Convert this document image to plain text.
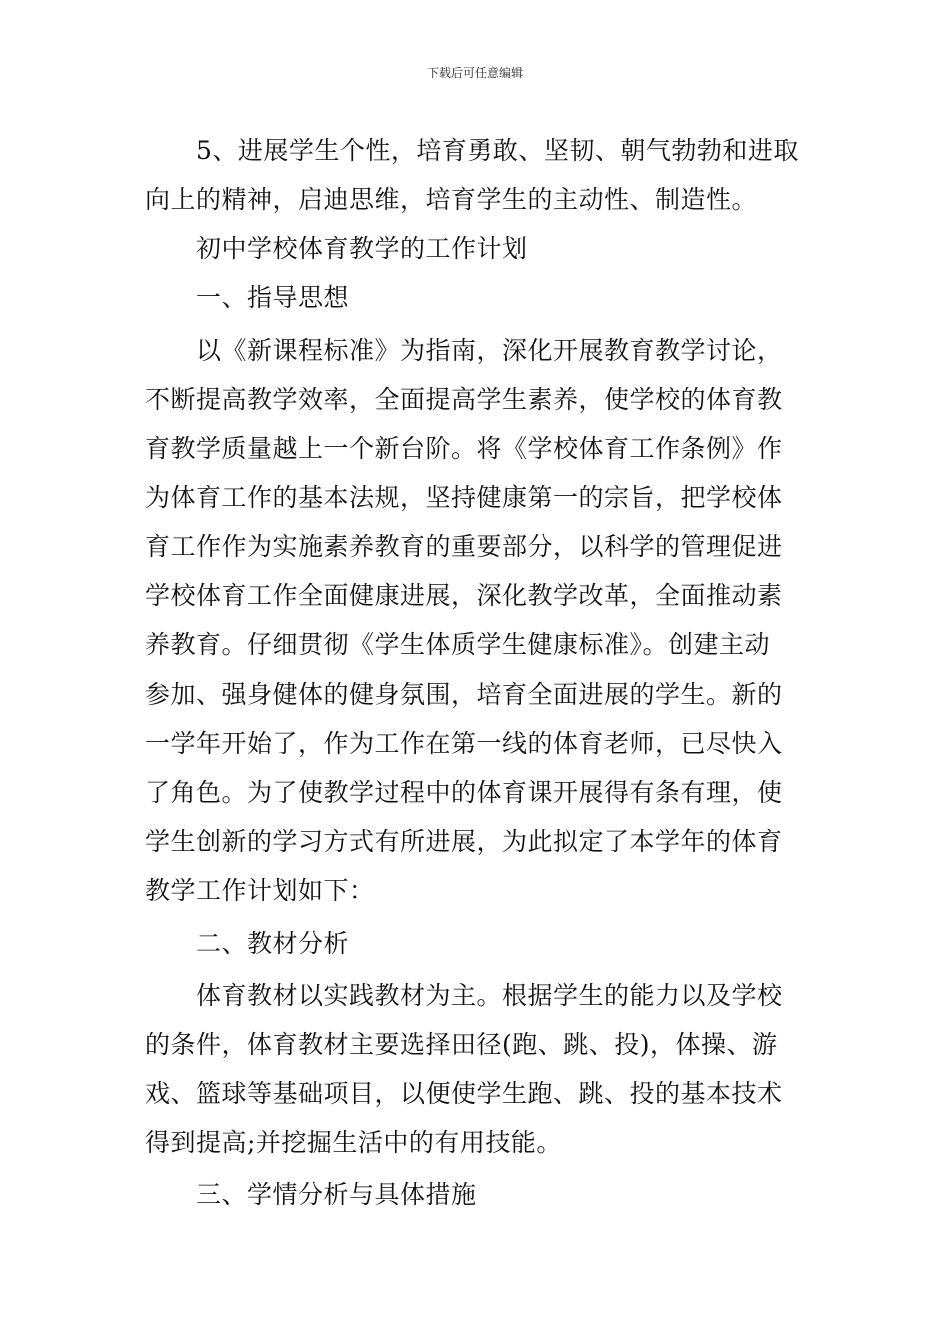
下载后可任意编辑
5、进展学生个性，培育勇敢、坚韧、朝气勃勃和进取
向上的精神，启迪思维，培育学生的主动性、制造性。
初中学校体育教学的工作计划
一、指导思想
以《新课程标准》为指南，深化开展教育教学讨论，
不断提高教学效率，全面提高学生素养，使学校的体育教
育教学质量越上一个新台阶。将《学校体育工作条例》作
为体育工作的基本法规，坚持健康第一的宗旨，把学校体
育工作作为实施素养教育的重要部分，以科学的管理促进
学校体育工作全面健康进展，深化教学改革，全面推动素
养教育。仔细贯彻《学生体质学生健康标准》。创建主动
参加、强身健体的健身氛围，培育全面进展的学生。新的
一学年开始了，作为工作在第一线的体育老师，已尽快入
了角色。为了使教学过程中的体育课开展得有条有理，使
学生创新的学习方式有所进展，为此拟定了本学年的体育
教学工作计划如下：
二、教材分析
体育教材以实践教材为主。根据学生的能力以及学校
的条件，体育教材主要选择田径(跑、跳、投)，体操、游
戏、篮球等基础项目，以便使学生跑、跳、投的基本技术
得到提高;并挖掘生活中的有用技能。
三、学情分析与具体措施
